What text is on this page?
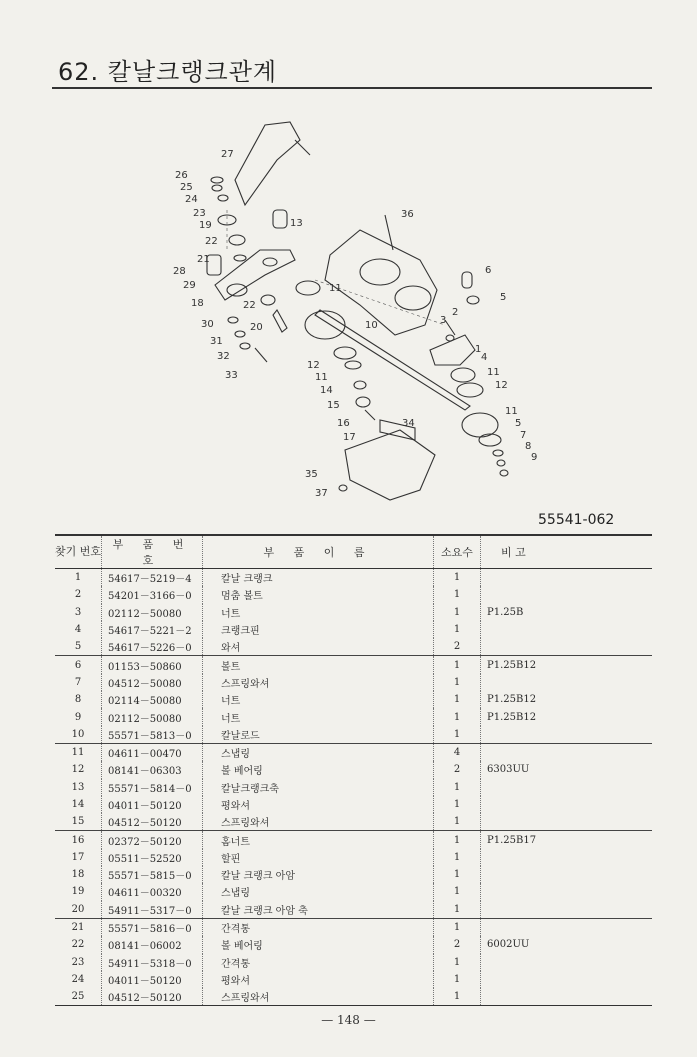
62. 칼날크랭크관계
27
26
25
24
23
19	13
22
21
28
29
18	22
30	20
31
32
33
36
6
11
5
2
3
10
1
4
12
11
11
12
14
15
11
16	34	5
17	7
8
9
35
37
55541-062
찾기 번호	부 품 번 호	부 품 이 름	소요수	비 고
1	54617－5219－4	칼날 크랭크	1	
2	54201－3166－0	멈춤 볼트	1	
3	02112－50080	너트	1	P1.25B
4	54617－5221－2	크랭크핀	1	
5	54617－5226－0	와셔	2	
6	01153－50860	볼트	1	P1.25B12
7	04512－50080	스프링와셔	1	
8	02114－50080	너트	1	P1.25B12
9	02112－50080	너트	1	P1.25B12
10	55571－5813－0	칼날로드	1	
11	04611－00470	스냅링	4	
12	08141－06303	볼 베어링	2	6303UU
13	55571－5814－0	칼날크랭크축	1	
14	04011－50120	평와셔	1	
15	04512－50120	스프링와셔	1	
16	02372－50120	홈너트	1	P1.25B17
17	05511－52520	할핀	1	
18	55571－5815－0	칼날 크랭크 아암	1	
19	04611－00320	스냅링	1	
20	54911－5317－0	칼날 크랭크 아암 축	1	
21	55571－5816－0	간격통	1	
22	08141－06002	볼 베어링	2	6002UU
23	54911－5318－0	간격통	1	
24	04011－50120	평와셔	1	
25	04512－50120	스프링와셔	1	
— 148 —
